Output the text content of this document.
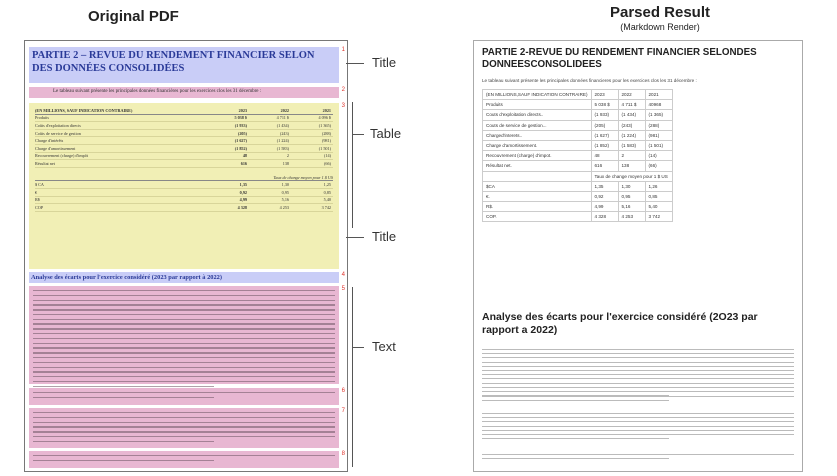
Original PDF	Parsed Result
(Markdown Render)
PARTIE 2 – REVUE DU RENDEMENT FINANCIER SELON DES DONNÉES CONSOLIDÉES
1
Le tableau suivant présente les principales données financières pour les exercices clos les 31 décembre :	2
3
(EN MILLIONS, SAUF INDICATION CONTRAIRE)	2023	2022	2021
Produits	5 038 $	4 711 $	4 096 $
Coûts d'exploitation directs	(1 933)	(1 434)	(1 365)
Coûts de service de gestion	(205)	(243)	(288)
Charge d'intérêts	(1 627)	(1 224)	(981)
Charge d'amortissement	(1 852)	(1 583)	(1 501)
Recouvrement (charge) d'impôt	48	2	(14)
Résultat net	616	138	(66)
Taux de change moyen pour 1 $ US
$ CA	1,35	1,30	1,25
€	0,92	0,95	0,85
R$	4,99	5,16	5,40
COP	4 328	4 253	3 742
Analyse des écarts pour l'exercice considéré (2023 par rapport à 2022)	4
5
6
7
8
Title
Table
Title
Text
PARTIE 2-REVUE DU RENDEMENT FINANCIER SELONDES DONNEESCONSOLIDEES
Le tableau suivant présente les principales données financieres pour les exercices clos les 31 décembre :
(EN MILLIONS,SAUF INDICATION CONTRAIRE)	2023	2022	2021
Produits	5 038 $	4 711 $	40968
Couts d'exploitation directs..	(1 933)	(1 434)	(1 365)
Couts de service de gestion...	(205)	(243)	(288)
Charged'interets..	(1 627)	(1 224)	(981)
Charge d'amortissement.	(1 852)	(1 583)	(1 501)
Recouvrement (charge) d'impot.	48	2	(14)
Résultat net.	616	138	(66)
	Taux de change moyen pour 1 $ US		
$CA	1,35	1,30	1,26
€.	0,92	0,95	0,85
R$.	4,99	5,16	5,40
COP.	4 328	4 253	3 742
Analyse des écarts pour l'exercice considéré (2O23 par rapport a 2022)
